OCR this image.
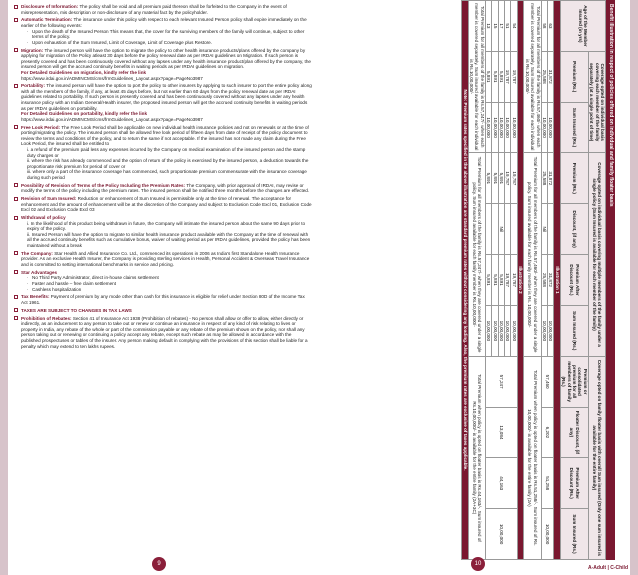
Disclosure of Information: The policy shall be void and all premium paid thereon shall be forfeited to the Company in the event of misrepresentation, mis description or non-disclosure of any material fact by the policyholder.

Automatic Termination: The insurance under this policy with respect to each relevant Insured Person policy shall expire immediately on the earlier of the following events:

· Upon the death of the Insured Person This means that, the cover for the surviving members of the family will continue, subject to other terms of the policy.
· Upon exhaustion of the Sum Insured, Limit of Coverage, Limit of Coverage plus Restore.

Migration: The insured person will have the option to migrate the policy to other health insurance products/plans offered by the company by applying for migration of the Policy atleast 30 days before the policy renewal date as per IRDAI guidelines on Migration. If such person is presently covered and has been continuously covered without any lapses under any health insurance product/plan offered by the company, the insured person will get the accrued continuity benefits in waiting periods as per IRDAI guidelines on migration.

For Detailed Guidelines on migration, kindly refer the link

https://www.irdai.gov.in/ADMINCMS/cms/frmGuidelines_Layout.aspx?page=PageNo3987

Portability: The insured person will have the option to port the policy to other insurers by applying to such insurer to port the entire policy along with all the members of the family, if any, at least 45 days before, but not earlier than 60 days from the policy renewal date as per IRDAI guidelines related to portability. If such person is presently covered and has been continuously covered without any lapses under any health insurance policy with an Indian General/Health insurer, the proposed insured person will get the accrued continuity benefits in waiting periods as per IRDAI guidelines on portability.

For Detailed Guidelines on portability, kindly refer the link

https://www.irdai.gov.in/ADMINCMS/cms/frmGuidelines_Layout.aspx?page=PageNo3987

Free Look Period: The Free Look Period shall be applicable on new individual health insurance policies and not on renewals or at the time of porting/migrating the policy. The insured person shall be allowed free look period of fifteen days from date of receipt of the policy document to review the terms and conditions of the policy, and to return the same if not acceptable. If the insured has not made any claim during the Free Look Period, the insured shall be entitled to

i. a refund of the premium paid less any expenses incurred by the Company on medical examination of the insured person and the stamp duty charges or

ii. where the risk has already commenced and the option of return of the policy is exercised by the insured person, a deduction towards the proportionate risk premium for period of cover or

iii. where only a part of the insurance coverage has commenced, such proportionate premium commensurate with the insurance coverage during such period

Possibility of Revision of Terms of the Policy Including the Premium Rates: The Company, with prior approval of IRDAI, may revise or modify the terms of the policy including the premium rates. The insured person shall be notified three months before the changes are effected.

Revision of Sum Insured: Reduction or enhancement of Sum Insured is permissible only at the time of renewal. The acceptance for enhancement and the amount of enhancement will be at the discretion of the Company and subject to Exclusion Code Excl 01, Exclusion Code Excl 02 and Exclusion Code Excl 03

Withdrawal of policy

i. In the likelihood of this product being withdrawn in future, the Company will intimate the insured person about the same 90 days prior to expiry of the policy.

ii. Insured Person will have the option to migrate to similar health insurance product available with the Company at the time of renewal with all the accrued continuity benefits such as cumulative bonus, waiver of waiting period as per IRDAI guidelines, provided the policy has been maintained without a break

The Company: Star Health and Allied Insurance Co. Ltd., commenced its operations in 2006 as India's first Standalone Health Insurance provider. As an exclusive Health Insurer, the Company is providing sterling services in Health, Personal Accident & Overseas Travel Insurance and is committed to setting international benchmarks in service and pricing.

Star Advantages

· No Third Party Administrator, direct in-house claims settlement
· Faster and hassle – free claim settlement
· Cashless hospitalization

Tax Benefits: Payment of premium by any mode other than cash for this insurance is eligible for relief under Section 80D of the Income Tax Act 1961.

TAXES ARE SUBJECT TO CHANGES IN TAX LAWS

Prohibition of Rebates: Section 41 of Insurance Act 1938 (Prohibition of rebates) - No person shall allow or offer to allow, either directly or indirectly, as an inducement to any person to take out or renew or continue an insurance in respect of any kind of risk relating to lives or property in India, any rebate of the whole or part of the commission payable or any rebate of the premium shown on the policy, nor shall any person taking out or renewing or continuing a policy accept any rebate, except such rebate as may be allowed in accordance with the published prospectuses or tables of the insurer. Any person making default in complying with the provisions of this section shall be liable for a penalty which may extend to ten lakhs rupees.

9
Benefit illustration in respect of policies offered on individual and family floater basis
Age of the Member Insured (in yrs)	Coverage opted on individual basis covering each member of the family separately (at a single point of time)		Coverage opted on individual basis covering multiple members of the family under a single policy (Sum Insured is available for each member of the family)				Coverage opted on family floater basis with overall Sum insured (Only one sum insured is available for the entire family)			
	Premium (Rs.)	Sum Insured (Rs.)	Premium (Rs.)	Discount, (if any)	Premium After Discount (Rs.)	Sum Insured (Rs.)	Premium or consolidated premium for all members of family (Rs.)	Floater Discount, (if any)	Premium After Discount (Rs.)	Sum Insured (Rs.)
Illustration 1										
63	31,872	10,00,000	31,872		31,872	10,00,000	57,460	6,202	51,258	10,00,000
58	25,588	10,00,000	25,588	Nil	25,588	10,00,000				
Total Premium for all members of the family is Rs.57,460/- when each member is covered separately. Sum insured available for each individual is Rs.10,00,000/-			Total Premium for all members of the family is Rs.57,460/- when they are covered under a single policy. Sum insured available for each family member is Rs. 10,00,000/-				Total Premium when policy is opted on floater basis is Rs.51,258/-. Sum insured of Rs. 10,00,000/- is available for the entire family (2A)			
Illustration 2										
54	19,787	10,00,000	19,787		19,787	10,00,000	57,247	13,084	44,163	10,00,000
51	19,787	10,00,000	19,787		19,787	10,00,000				
17	5,891	10,00,000	5,891	Nil	5,891	10,00,000				
15	5,891	10,00,000	5,891		5,891	10,00,000				
13	5,891	10,00,000	5,891		5,891	10,00,000				
Total Premium for all members of the family is Rs.57,247/- when each member is covered separately. Sum insured available for each individual is Rs.10,00,000/-			Total Premium for all members of the family is Rs.57,247/- when they are covered under a single policy. Sum insured available for each family member is Rs.10,00,000/-				Total Premium when policy is opted on floater basis is Rs.44,163/-. Sum insured of Rs.10,00,000/- is available for the entire family (2A+3C)			
Note: Premium rates specified in the above illustration are standard premium rates without considering any loading. Also, the premium rates are exclusive of taxes applicable.										
A-Adult | C-Child
10
